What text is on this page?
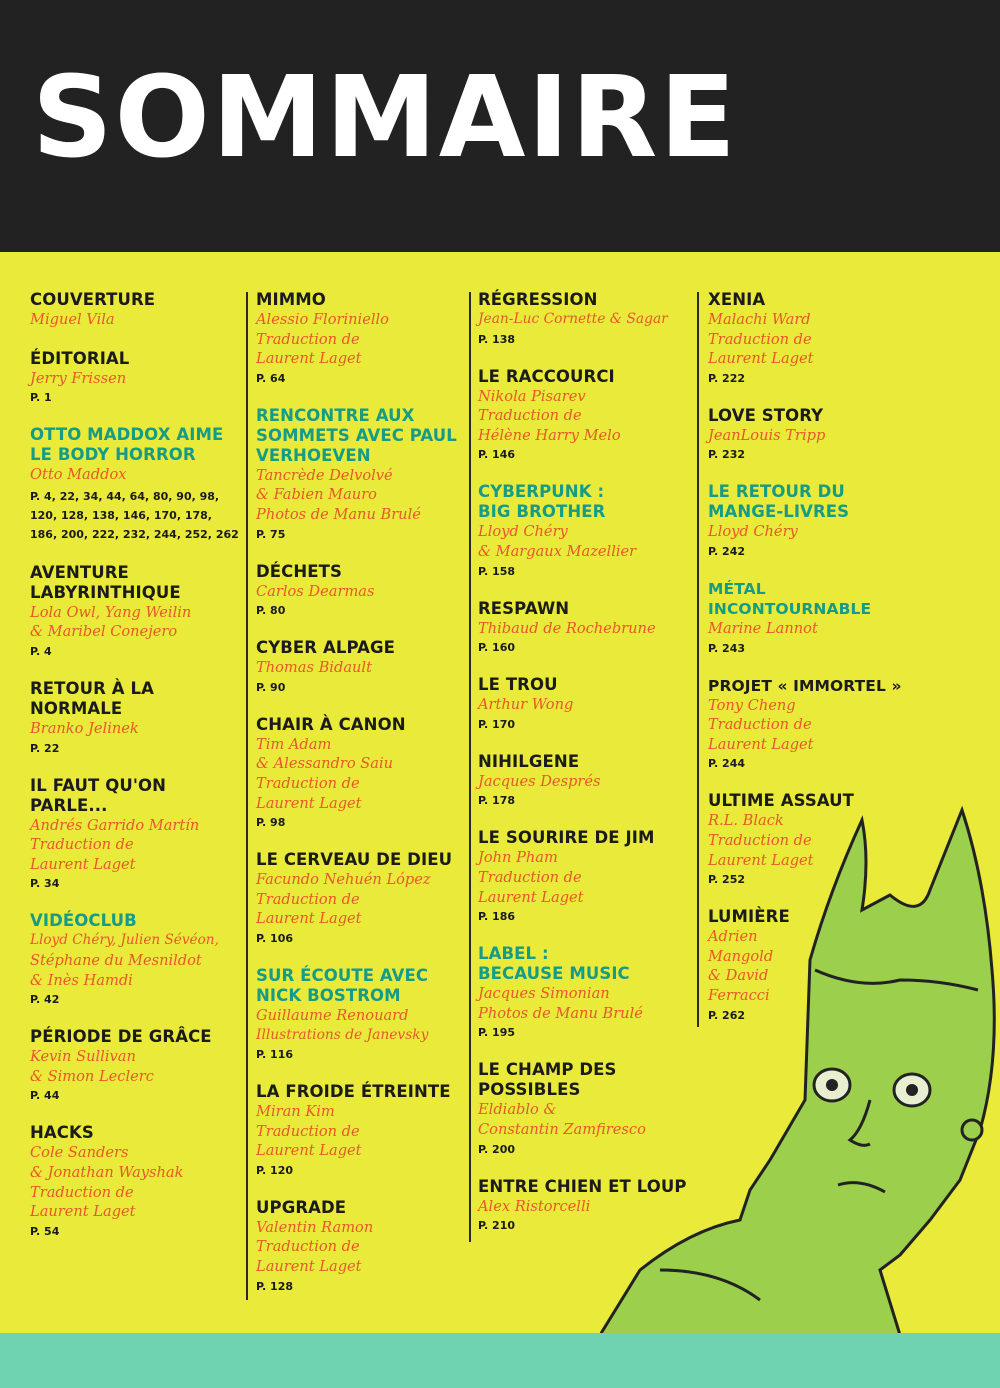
SOMMAIRE

COUVERTURE

Miguel Vila

ÉDITORIAL

Jerry Frissen

P. 1

OTTO MADDOX AIME LE BODY HORROR

Otto Maddox

P. 4, 22, 34, 44, 64, 80, 90, 98, 120, 128, 138, 146, 170, 178, 186, 200, 222, 232, 244, 252, 262

AVENTURE LABYRINTHIQUE

Lola Owl, Yang Weilin

& Maribel Conejero

P. 4

RETOUR À LA NORMALE

Branko Jelinek

P. 22

IL FAUT QU'ON PARLE...

Andrés Garrido Martín

Traduction de

Laurent Laget

P. 34

VIDÉOCLUB

Lloyd Chéry, Julien Sévéon,

Stéphane du Mesnildot

& Inès Hamdi

P. 42

PÉRIODE DE GRÂCE

Kevin Sullivan

& Simon Leclerc

P. 44

HACKS

Cole Sanders

& Jonathan Wayshak

Traduction de

Laurent Laget

P. 54

MIMMO

Alessio Floriniello

Traduction de

Laurent Laget

P. 64

RENCONTRE AUX SOMMETS AVEC PAUL VERHOEVEN

Tancrède Delvolvé

& Fabien Mauro

Photos de Manu Brulé

P. 75

DÉCHETS

Carlos Dearmas

P. 80

CYBER ALPAGE

Thomas Bidault

P. 90

CHAIR À CANON

Tim Adam

& Alessandro Saiu

Traduction de

Laurent Laget

P. 98

LE CERVEAU DE DIEU

Facundo Nehuén López

Traduction de

Laurent Laget

P. 106

SUR ÉCOUTE AVEC NICK BOSTROM

Guillaume Renouard

Illustrations de Janevsky

P. 116

LA FROIDE ÉTREINTE

Miran Kim

Traduction de

Laurent Laget

P. 120

UPGRADE

Valentin Ramon

Traduction de

Laurent Laget

P. 128

RÉGRESSION

Jean-Luc Cornette & Sagar

P. 138

LE RACCOURCI

Nikola Pisarev

Traduction de

Hélène Harry Melo

P. 146

CYBERPUNK : BIG BROTHER

Lloyd Chéry

& Margaux Mazellier

P. 158

RESPAWN

Thibaud de Rochebrune

P. 160

LE TROU

Arthur Wong

P. 170

NIHILGENE

Jacques Després

P. 178

LE SOURIRE DE JIM

John Pham

Traduction de

Laurent Laget

P. 186

LABEL : BECAUSE MUSIC

Jacques Simonian

Photos de Manu Brulé

P. 195

LE CHAMP DES POSSIBLES

Eldiablo &

Constantin Zamfiresco

P. 200

ENTRE CHIEN ET LOUP

Alex Ristorcelli

P. 210

XENIA

Malachi Ward

Traduction de

Laurent Laget

P. 222

LOVE STORY

JeanLouis Tripp

P. 232

LE RETOUR DU MANGE-LIVRES

Lloyd Chéry

P. 242

MÉTAL INCONTOURNABLE

Marine Lannot

P. 243

PROJET « IMMORTEL »

Tony Cheng

Traduction de

Laurent Laget

P. 244

ULTIME ASSAUT

R.L. Black

Traduction de

Laurent Laget

P. 252

LUMIÈRE

Adrien

Mangold

& David

Ferracci

P. 262
